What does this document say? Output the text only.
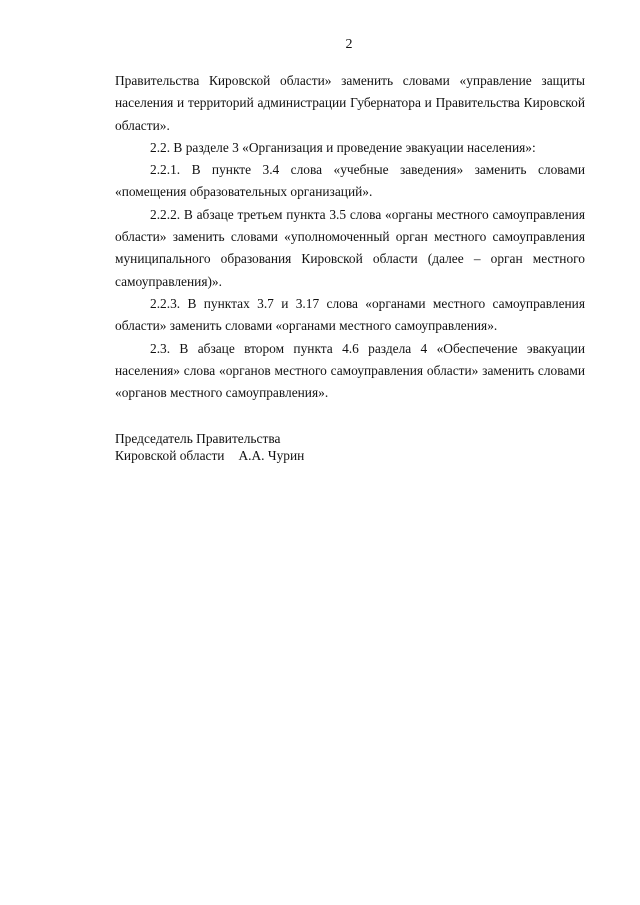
2

Правительства Кировской области» заменить словами «управление защиты населения и территорий администрации Губернатора и Правительства Кировской области».

2.2. В разделе 3 «Организация и проведение эвакуации населения»:

2.2.1. В пункте 3.4 слова «учебные заведения» заменить словами «помещения образовательных организаций».

2.2.2. В абзаце третьем пункта 3.5 слова «органы местного самоуправления области» заменить словами «уполномоченный орган местного самоуправления муниципального образования Кировской области (далее – орган местного самоуправления)».

2.2.3. В пунктах 3.7 и 3.17 слова «органами местного самоуправления области» заменить словами «органами местного самоуправления».

2.3. В абзаце втором пункта 4.6 раздела 4 «Обеспечение эвакуации населения» слова «органов местного самоуправления области» заменить словами «органов местного самоуправления».

Председатель Правительства
Кировской области А.А. Чурин
